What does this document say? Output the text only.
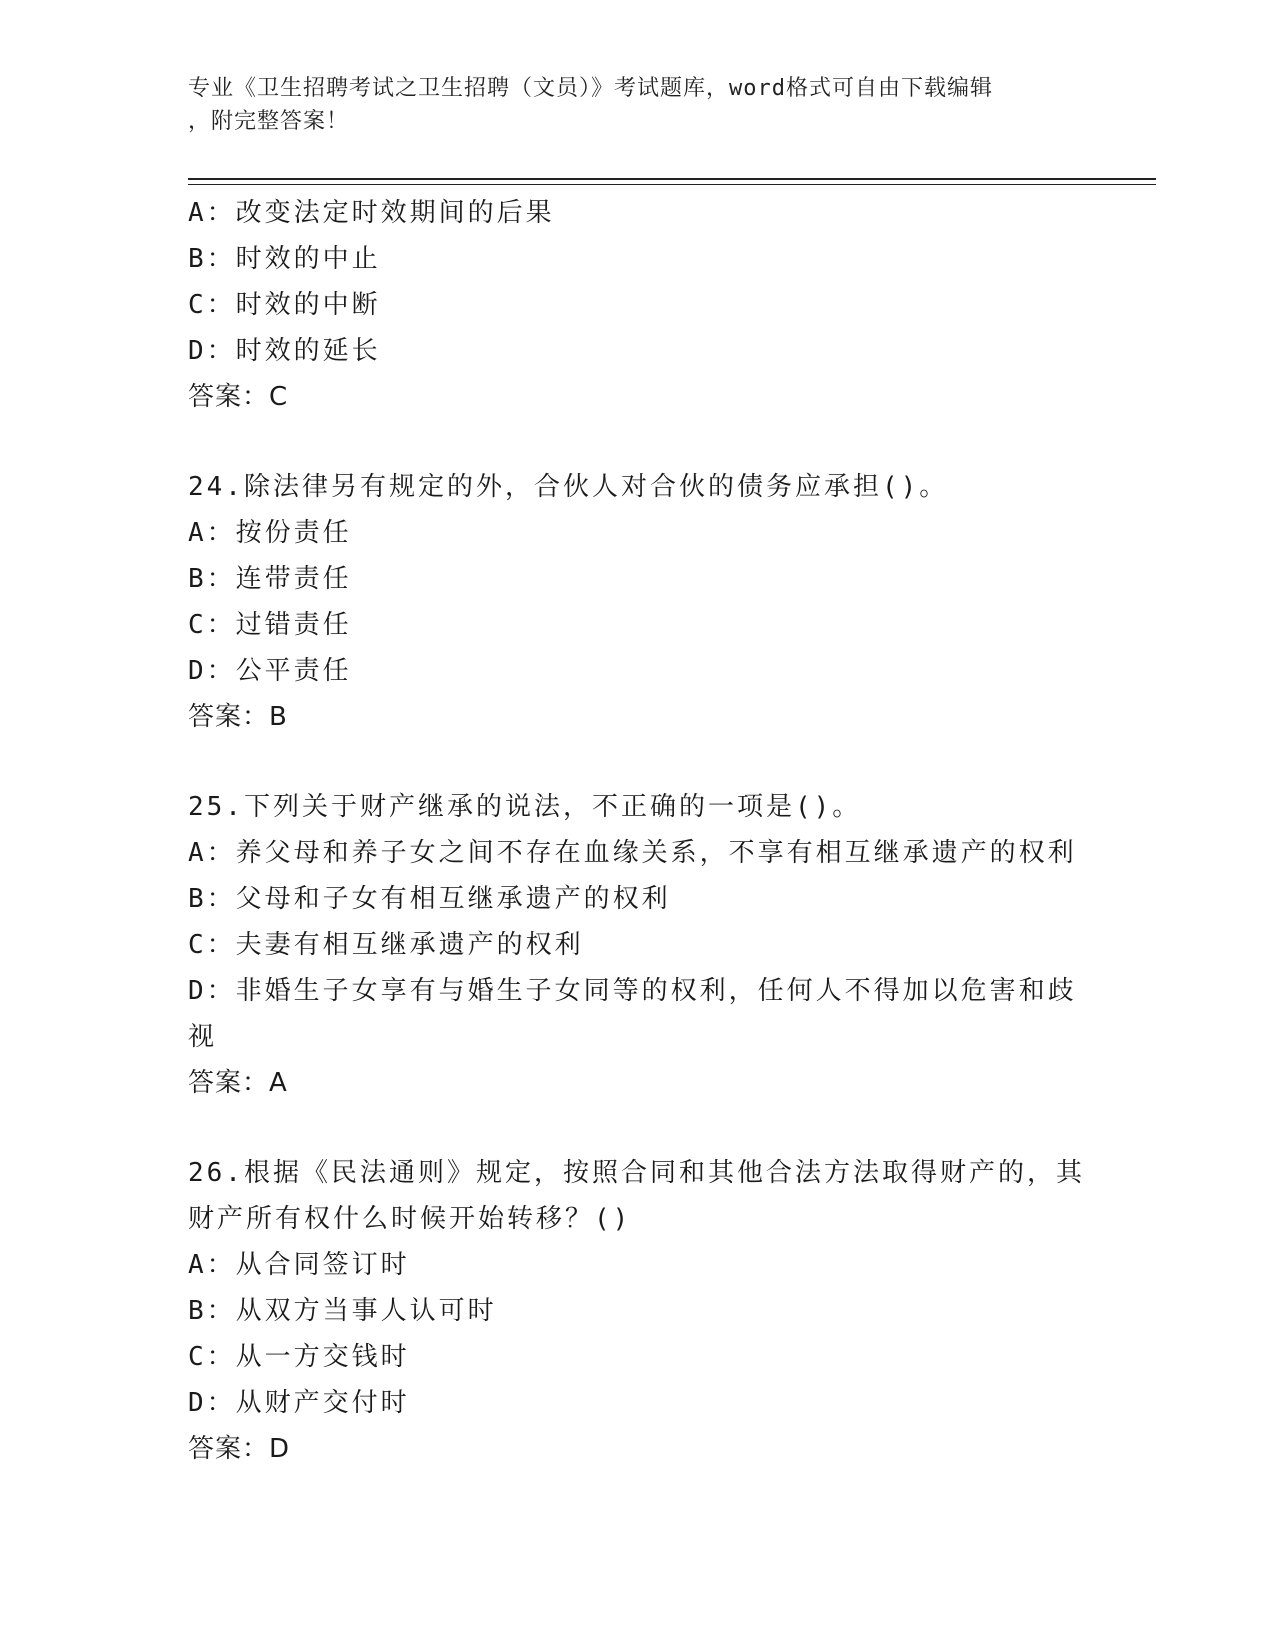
专业《卫生招聘考试之卫生招聘（文员）》考试题库，word格式可自由下载编辑
，附完整答案！
A：改变法定时效期间的后果
B：时效的中止
C：时效的中断
D：时效的延长
答案：C
24.除法律另有规定的外，合伙人对合伙的债务应承担()。
A：按份责任
B：连带责任
C：过错责任
D：公平责任
答案：B
25.下列关于财产继承的说法，不正确的一项是()。
A：养父母和养子女之间不存在血缘关系，不享有相互继承遗产的权利
B：父母和子女有相互继承遗产的权利
C：夫妻有相互继承遗产的权利
D：非婚生子女享有与婚生子女同等的权利，任何人不得加以危害和歧视
答案：A
26.根据《民法通则》规定，按照合同和其他合法方法取得财产的，其财产所有权什么时候开始转移？()
A：从合同签订时
B：从双方当事人认可时
C：从一方交钱时
D：从财产交付时
答案：D
